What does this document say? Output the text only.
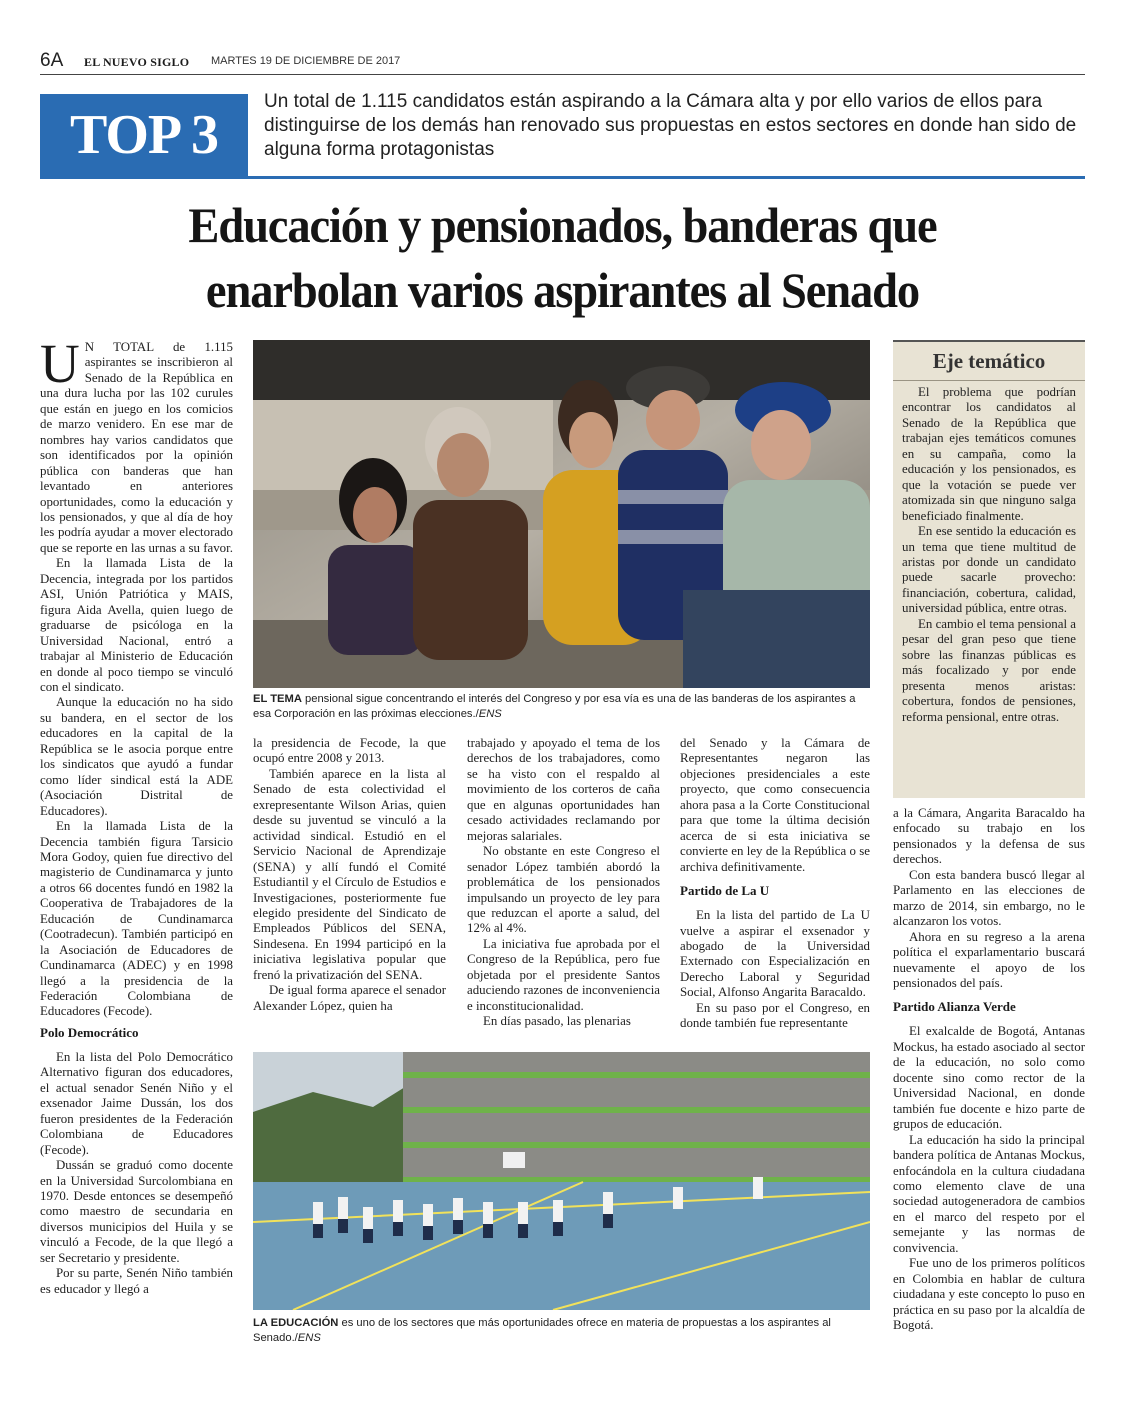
6A EL NUEVO SIGLO MARTES 19 DE DICIEMBRE DE 2017
TOP 3
Un total de 1.115 candidatos están aspirando a la Cámara alta y por ello varios de ellos para distinguirse de los demás han renovado sus propuestas en estos sectores en donde han sido de alguna forma protagonistas
Educación y pensionados, banderas que
enarbolan varios aspirantes al Senado

U N TOTAL de 1.115 aspirantes se inscribieron al Senado de la República en una dura lucha por las 102 curules que están en juego en los comicios de marzo venidero. En ese mar de nombres hay varios candidatos que son identificados por la opinión pública con banderas que han levantado en anteriores oportunidades, como la educación y los pensionados, y que al día de hoy les podría ayudar a mover electorado que se reporte en las urnas a su favor.

En la llamada Lista de la Decencia, integrada por los partidos ASI, Unión Patriótica y MAIS, figura Aida Avella, quien luego de graduarse de psicóloga en la Universidad Nacional, entró a trabajar al Ministerio de Educación en donde al poco tiempo se vinculó con el sindicato.

Aunque la educación no ha sido su bandera, en el sector de los educadores en la capital de la República se le asocia porque entre los sindicatos que ayudó a fundar como líder sindical está la ADE (Asociación Distrital de Educadores).

En la llamada Lista de la Decencia también figura Tarsicio Mora Godoy, quien fue directivo del magisterio de Cundinamarca y junto a otros 66 docentes fundó en 1982 la Cooperativa de Trabajadores de la Educación de Cundinamarca (Cootradecun). También participó en la Asociación de Educadores de Cundinamarca (ADEC) y en 1998 llegó a la presidencia de la Federación Colombiana de Educadores (Fecode).

Polo Democrático

En la lista del Polo Democrático Alternativo figuran dos educadores, el actual senador Senén Niño y el exsenador Jaime Dussán, los dos fueron presidentes de la Federación Colombiana de Educadores (Fecode).

Dussán se graduó como docente en la Universidad Surcolombiana en 1970. Desde entonces se desempeñó como maestro de secundaria en diversos municipios del Huila y se vinculó a Fecode, de la que llegó a ser Secretario y presidente.

Por su parte, Senén Niño también es educador y llegó a

EL TEMA pensional sigue concentrando el interés del Congreso y por esa vía es una de las banderas de los aspirantes a esa Corporación en las próximas elecciones./ENS

la presidencia de Fecode, la que ocupó entre 2008 y 2013.

También aparece en la lista al Senado de esta colectividad el exrepresentante Wilson Arias, quien desde su juventud se vinculó a la actividad sindical. Estudió en el Servicio Nacional de Aprendizaje (SENA) y allí fundó el Comité Estudiantil y el Círculo de Estudios e Investigaciones, posteriormente fue elegido presidente del Sindicato de Empleados Públicos del SENA, Sindesena. En 1994 participó en la iniciativa legislativa popular que frenó la privatización del SENA.

De igual forma aparece el senador Alexander López, quien ha

trabajado y apoyado el tema de los derechos de los trabajadores, como se ha visto con el respaldo al movimiento de los corteros de caña que en algunas oportunidades han cesado actividades reclamando por mejoras salariales.

No obstante en este Congreso el senador López también abordó la problemática de los pensionados impulsando un proyecto de ley para que reduzcan el aporte a salud, del 12% al 4%.

La iniciativa fue aprobada por el Congreso de la República, pero fue objetada por el presidente Santos aduciendo razones de inconveniencia e inconstitucionalidad.

En días pasado, las plenarias

del Senado y la Cámara de Representantes negaron las objeciones presidenciales a este proyecto, que como consecuencia ahora pasa a la Corte Constitucional para que tome la última decisión acerca de si esta iniciativa se convierte en ley de la República o se archiva definitivamente.

Partido de La U

En la lista del partido de La U vuelve a aspirar el exsenador y abogado de la Universidad Externado con Especialización en Derecho Laboral y Seguridad Social, Alfonso Angarita Baracaldo.

En su paso por el Congreso, en donde también fue representante

LA EDUCACIÓN es uno de los sectores que más oportunidades ofrece en materia de propuestas a los aspirantes al Senado./ENS
Eje temático

El problema que podrían encontrar los candidatos al Senado de la República que trabajan ejes temáticos comunes en su campaña, como la educación y los pensionados, es que la votación se puede ver atomizada sin que ninguno salga beneficiado finalmente.

En ese sentido la educación es un tema que tiene multitud de aristas por donde un candidato puede sacarle provecho: financiación, cobertura, calidad, universidad pública, entre otras.

En cambio el tema pensional a pesar del gran peso que tiene sobre las finanzas públicas es más focalizado y por ende presenta menos aristas: cobertura, fondos de pensiones, reforma pensional, entre otras.

a la Cámara, Angarita Baracaldo ha enfocado su trabajo en los pensionados y la defensa de sus derechos.

Con esta bandera buscó llegar al Parlamento en las elecciones de marzo de 2014, sin embargo, no le alcanzaron los votos.

Ahora en su regreso a la arena política el exparlamentario buscará nuevamente el apoyo de los pensionados del país.

Partido Alianza Verde

El exalcalde de Bogotá, Antanas Mockus, ha estado asociado al sector de la educación, no solo como docente sino como rector de la Universidad Nacional, en donde también fue docente e hizo parte de grupos de educación.

La educación ha sido la principal bandera política de Antanas Mockus, enfocándola en la cultura ciudadana como elemento clave de una sociedad autogeneradora de cambios en el marco del respeto por el semejante y las normas de convivencia.

Fue uno de los primeros políticos en Colombia en hablar de cultura ciudadana y este concepto lo puso en práctica en su paso por la alcaldía de Bogotá.
